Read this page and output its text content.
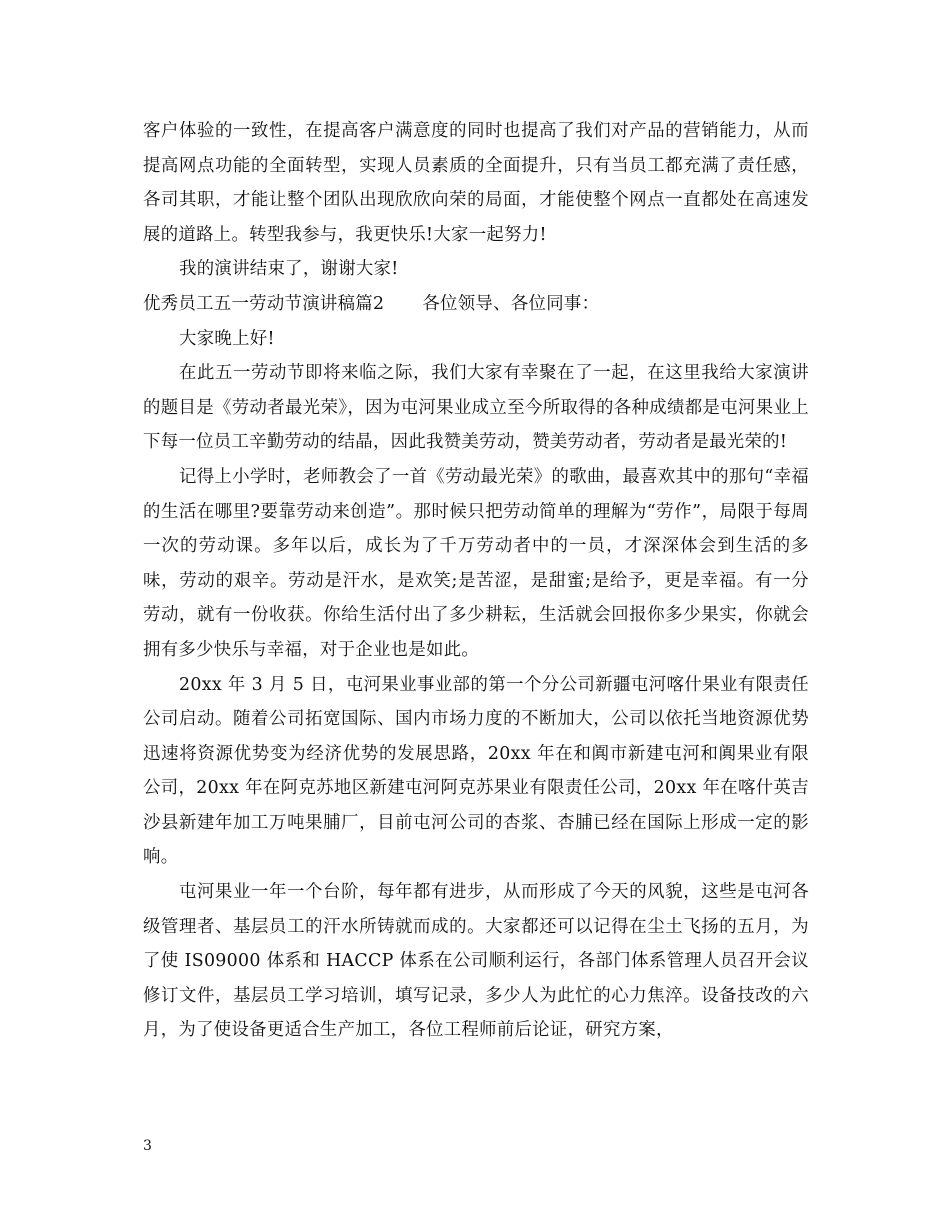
客户体验的一致性，在提高客户满意度的同时也提高了我们对产品的营销能力，从而提高网点功能的全面转型，实现人员素质的全面提升，只有当员工都充满了责任感，各司其职，才能让整个团队出现欣欣向荣的局面，才能使整个网点一直都处在高速发展的道路上。转型我参与，我更快乐!大家一起努力!

我的演讲结束了，谢谢大家!

优秀员工五一劳动节演讲稿篇2 各位领导、各位同事：

大家晚上好!

在此五一劳动节即将来临之际，我们大家有幸聚在了一起，在这里我给大家演讲的题目是《劳动者最光荣》，因为屯河果业成立至今所取得的各种成绩都是屯河果业上下每一位员工辛勤劳动的结晶，因此我赞美劳动，赞美劳动者，劳动者是最光荣的!

记得上小学时，老师教会了一首《劳动最光荣》的歌曲，最喜欢其中的那句“幸福的生活在哪里?要靠劳动来创造”。那时候只把劳动简单的理解为“劳作”，局限于每周一次的劳动课。多年以后，成长为了千万劳动者中的一员，才深深体会到生活的多味，劳动的艰辛。劳动是汗水，是欢笑;是苦涩，是甜蜜;是给予，更是幸福。有一分劳动，就有一份收获。你给生活付出了多少耕耘，生活就会回报你多少果实，你就会拥有多少快乐与幸福，对于企业也是如此。

20xx 年 3 月 5 日，屯河果业事业部的第一个分公司新疆屯河喀什果业有限责任公司启动。随着公司拓宽国际、国内市场力度的不断加大，公司以依托当地资源优势迅速将资源优势变为经济优势的发展思路，20xx 年在和阗市新建屯河和阗果业有限公司，20xx 年在阿克苏地区新建屯河阿克苏果业有限责任公司，20xx 年在喀什英吉沙县新建年加工万吨果脯厂，目前屯河公司的杏浆、杏脯已经在国际上形成一定的影响。

屯河果业一年一个台阶，每年都有进步，从而形成了今天的风貌，这些是屯河各级管理者、基层员工的汗水所铸就而成的。大家都还可以记得在尘土飞扬的五月，为了使 IS09000 体系和 HACCP 体系在公司顺利运行，各部门体系管理人员召开会议修订文件，基层员工学习培训，填写记录，多少人为此忙的心力焦淬。设备技改的六月，为了使设备更适合生产加工，各位工程师前后论证，研究方案，

3
